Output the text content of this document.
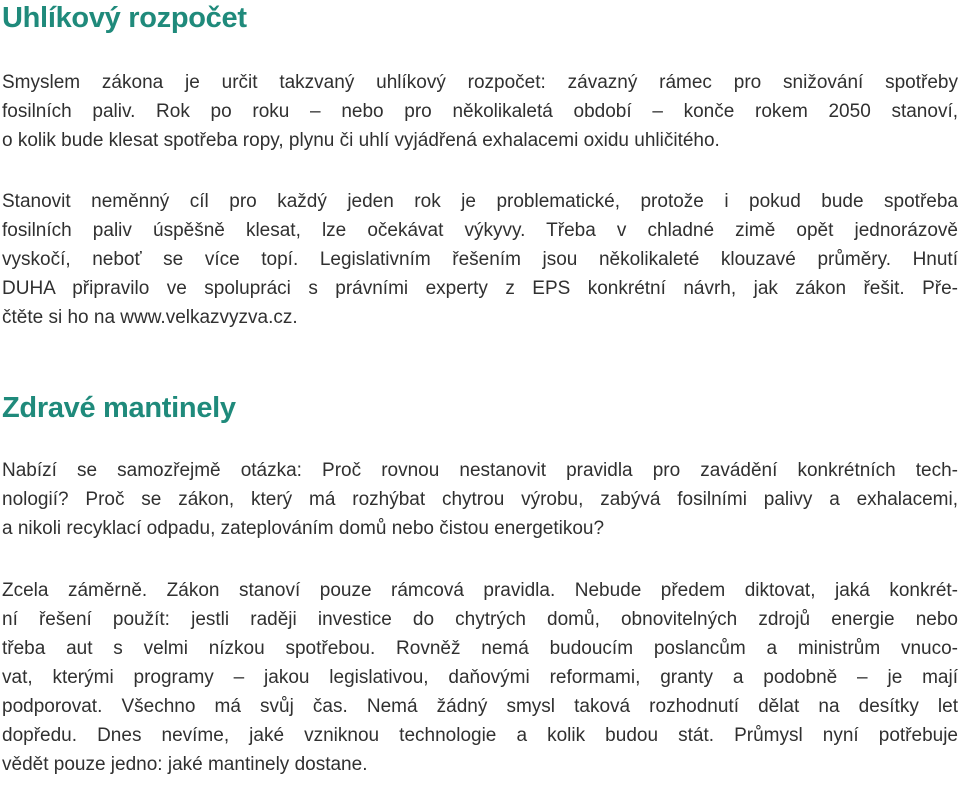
Uhlíkový rozpočet
Smyslem zákona je určit takzvaný uhlíkový rozpočet: závazný rámec pro snižování spotřeby
fosilních paliv. Rok po roku – nebo pro několikaletá období – konče rokem 2050 stanoví,
o kolik bude klesat spotřeba ropy, plynu či uhlí vyjádřená exhalacemi oxidu uhličitého.
Stanovit neměnný cíl pro každý jeden rok je problematické, protože i pokud bude spotřeba
fosilních paliv úspěšně klesat, lze očekávat výkyvy. Třeba v chladné zimě opět jednorázově
vyskočí, neboť se více topí. Legislativním řešením jsou několikaleté klouzavé průměry. Hnutí
DUHA připravilo ve spolupráci s právními experty z EPS konkrétní návrh, jak zákon řešit. Pře-
čtěte si ho na www.velkazvyzva.cz.
Zdravé mantinely
Nabízí se samozřejmě otázka: Proč rovnou nestanovit pravidla pro zavádění konkrétních tech-
nologií? Proč se zákon, který má rozhýbat chytrou výrobu, zabývá fosilními palivy a exhalacemi,
a nikoli recyklací odpadu, zateplováním domů nebo čistou energetikou?
Zcela záměrně. Zákon stanoví pouze rámcová pravidla. Nebude předem diktovat, jaká konkrét-
ní řešení použít: jestli raději investice do chytrých domů, obnovitelných zdrojů energie nebo
třeba aut s velmi nízkou spotřebou. Rovněž nemá budoucím poslancům a ministrům vnuco-
vat, kterými programy – jakou legislativou, daňovými reformami, granty a podobně – je mají
podporovat. Všechno má svůj čas. Nemá žádný smysl taková rozhodnutí dělat na desítky let
dopředu. Dnes nevíme, jaké vzniknou technologie a kolik budou stát. Průmysl nyní potřebuje
vědět pouze jedno: jaké mantinely dostane.
